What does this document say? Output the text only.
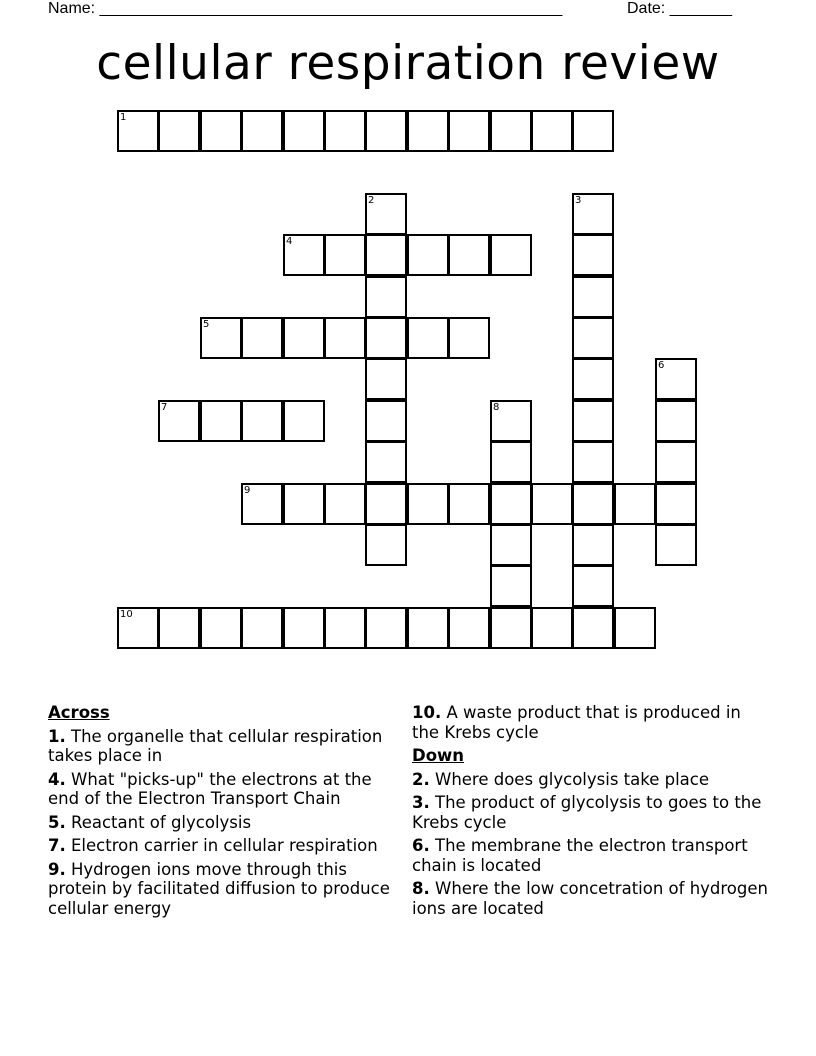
Name: ____________________________________________________	Date: _______
cellular respiration review
1
2	3
4
5
6
7	8
9
10
Across
1. The organelle that cellular respiration takes place in
4. What "picks-up" the electrons at the end of the Electron Transport Chain
5. Reactant of glycolysis
7. Electron carrier in cellular respiration
9. Hydrogen ions move through this protein by facilitated diffusion to produce cellular energy
10. A waste product that is produced in the Krebs cycle
Down
2. Where does glycolysis take place
3. The product of glycolysis to goes to the Krebs cycle
6. The membrane the electron transport chain is located
8. Where the low concetration of hydrogen ions are located
